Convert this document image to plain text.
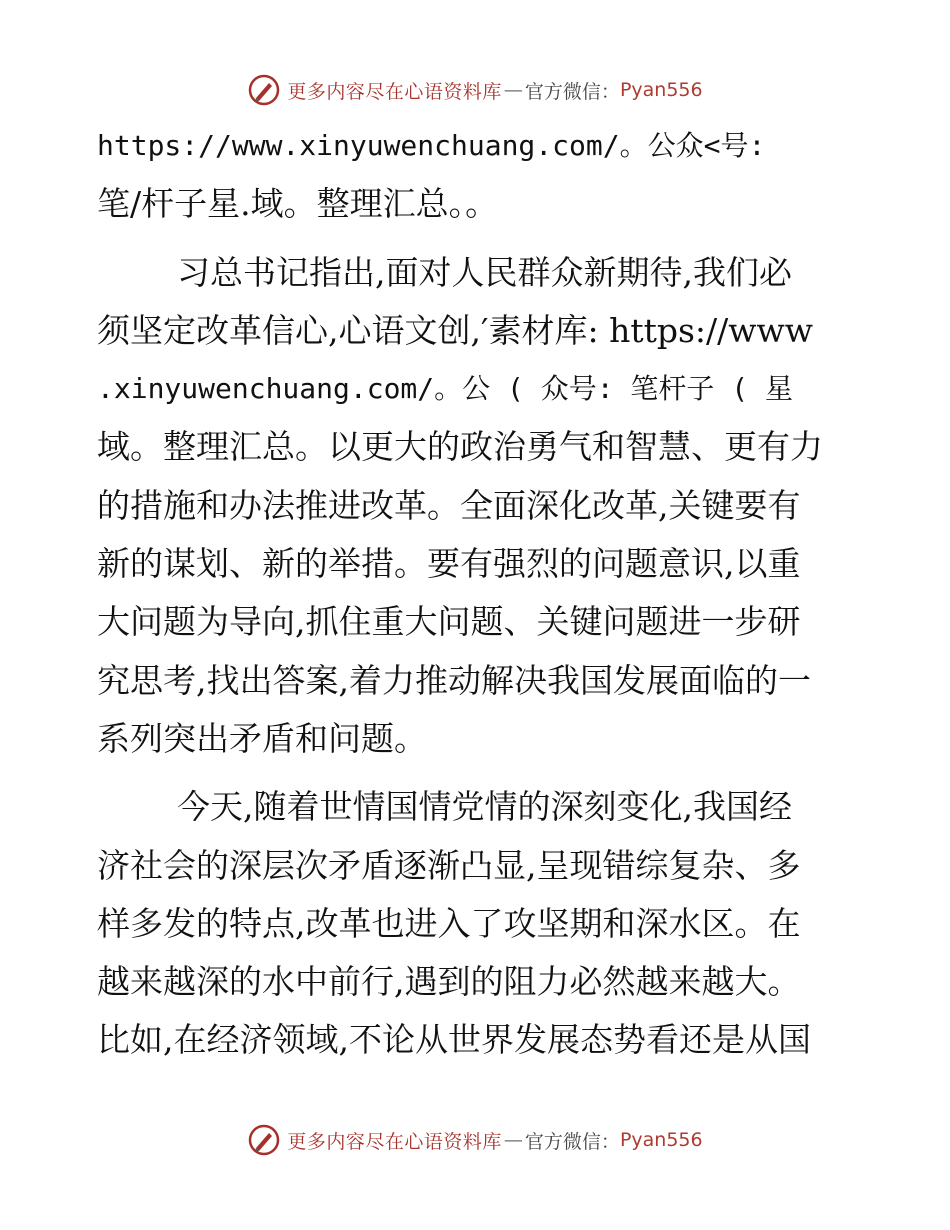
更多内容尽在心语资料库 — 官方微信： Pyan556
https://www.xinyuwenchuang.com/。公众<号:
笔/杆子星.域。整理汇总。。
习总书记指出,面对人民群众新期待,我们必
须坚定改革信心,心语文创,′素材库: https://www
.xinyuwenchuang.com/。公 ( 众号: 笔杆子 ( 星
域。整理汇总。以更大的政治勇气和智慧、更有力
的措施和办法推进改革。全面深化改革,关键要有
新的谋划、新的举措。要有强烈的问题意识,以重
大问题为导向,抓住重大问题、关键问题进一步研
究思考,找出答案,着力推动解决我国发展面临的一
系列突出矛盾和问题。
今天,随着世情国情党情的深刻变化,我国经
济社会的深层次矛盾逐渐凸显,呈现错综复杂、多
样多发的特点,改革也进入了攻坚期和深水区。在
越来越深的水中前行,遇到的阻力必然越来越大。
比如,在经济领域,不论从世界发展态势看还是从国
更多内容尽在心语资料库 — 官方微信： Pyan556
